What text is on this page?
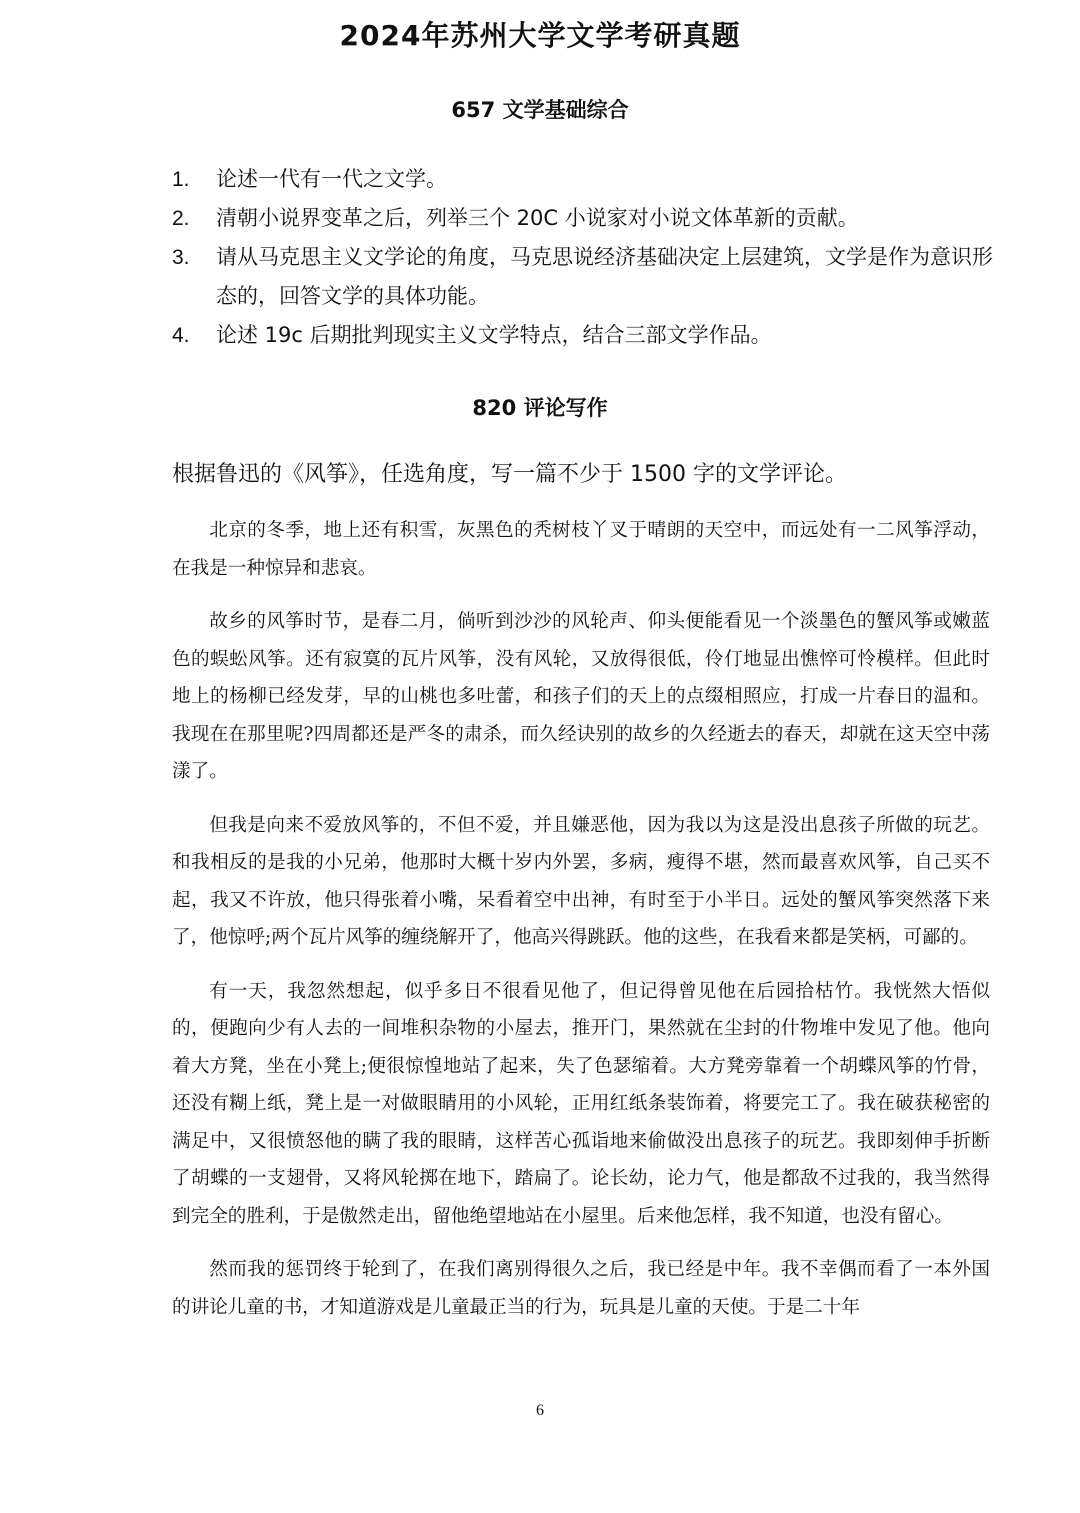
2024年苏州大学文学考研真题
657 文学基础综合
1.	论述一代有一代之文学。
2.	清朝小说界变革之后，列举三个 20C 小说家对小说文体革新的贡献。
3.	请从马克思主义文学论的角度，马克思说经济基础决定上层建筑，文学是作为意识形态的，回答文学的具体功能。
4.	论述 19c 后期批判现实主义文学特点，结合三部文学作品。
820 评论写作
根据鲁迅的《风筝》，任选角度，写一篇不少于 1500 字的文学评论。

北京的冬季，地上还有积雪，灰黑色的秃树枝丫叉于晴朗的天空中，而远处有一二风筝浮动，在我是一种惊异和悲哀。

故乡的风筝时节，是春二月，倘听到沙沙的风轮声、仰头便能看见一个淡墨色的蟹风筝或嫩蓝色的蜈蚣风筝。还有寂寞的瓦片风筝，没有风轮，又放得很低，伶仃地显出憔悴可怜模样。但此时地上的杨柳已经发芽，早的山桃也多吐蕾，和孩子们的天上的点缀相照应，打成一片春日的温和。我现在在那里呢?四周都还是严冬的肃杀，而久经诀别的故乡的久经逝去的春天，却就在这天空中荡漾了。

但我是向来不爱放风筝的，不但不爱，并且嫌恶他，因为我以为这是没出息孩子所做的玩艺。和我相反的是我的小兄弟，他那时大概十岁内外罢，多病，瘦得不堪，然而最喜欢风筝，自己买不起，我又不许放，他只得张着小嘴，呆看着空中出神，有时至于小半日。远处的蟹风筝突然落下来了，他惊呼;两个瓦片风筝的缠绕解开了，他高兴得跳跃。他的这些，在我看来都是笑柄，可鄙的。

有一天，我忽然想起，似乎多日不很看见他了，但记得曾见他在后园拾枯竹。我恍然大悟似的，便跑向少有人去的一间堆积杂物的小屋去，推开门，果然就在尘封的什物堆中发见了他。他向着大方凳，坐在小凳上;便很惊惶地站了起来，失了色瑟缩着。大方凳旁靠着一个胡蝶风筝的竹骨，还没有糊上纸，凳上是一对做眼睛用的小风轮，正用红纸条装饰着，将要完工了。我在破获秘密的满足中，又很愤怒他的瞒了我的眼睛，这样苦心孤诣地来偷做没出息孩子的玩艺。我即刻伸手折断了胡蝶的一支翅骨，又将风轮掷在地下，踏扁了。论长幼，论力气，他是都敌不过我的，我当然得到完全的胜利，于是傲然走出，留他绝望地站在小屋里。后来他怎样，我不知道，也没有留心。

然而我的惩罚终于轮到了，在我们离别得很久之后，我已经是中年。我不幸偶而看了一本外国的讲论儿童的书，才知道游戏是儿童最正当的行为，玩具是儿童的天使。于是二十年

6
